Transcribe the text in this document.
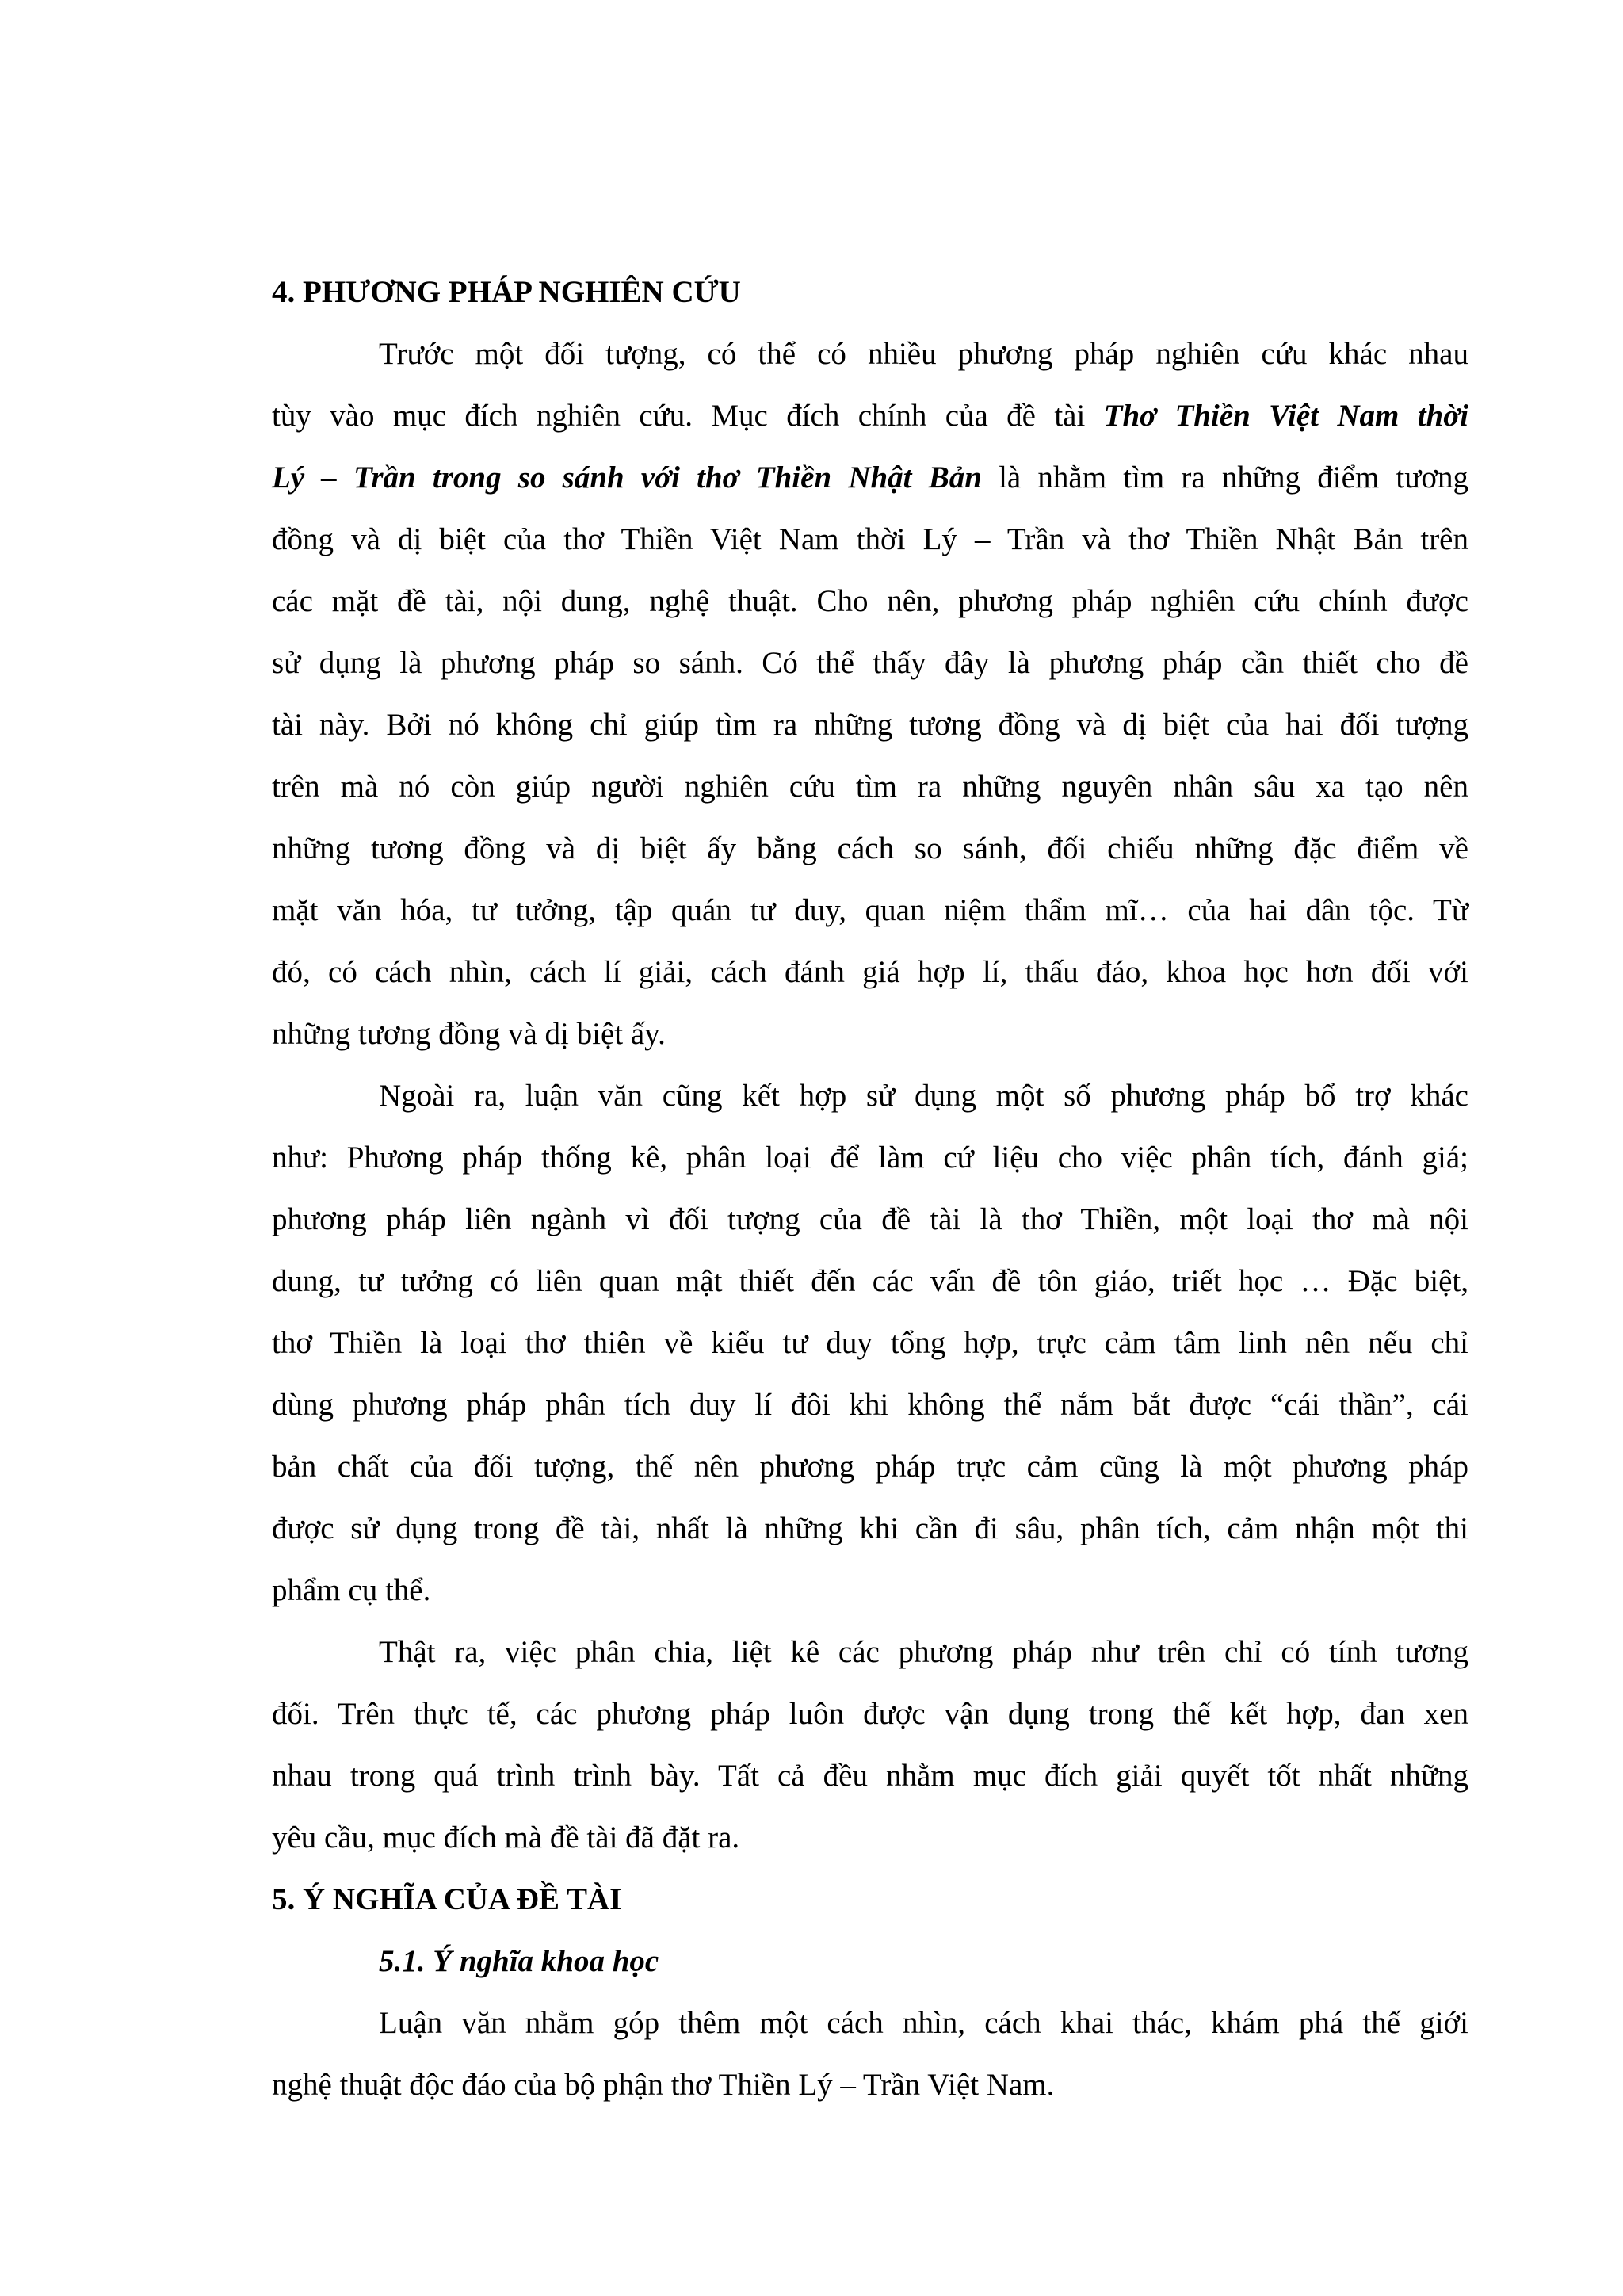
4. PHƯƠNG PHÁP NGHIÊN CỨU

Trước một đối tượng, có thể có nhiều phương pháp nghiên cứu khác nhau
tùy vào mục đích nghiên cứu. Mục đích chính của đề tài Thơ Thiền Việt Nam thời
Lý – Trần trong so sánh với thơ Thiền Nhật Bản là nhằm tìm ra những điểm tương
đồng và dị biệt của thơ Thiền Việt Nam thời Lý – Trần và thơ Thiền Nhật Bản trên
các mặt đề tài, nội dung, nghệ thuật. Cho nên, phương pháp nghiên cứu chính được
sử dụng là phương pháp so sánh. Có thể thấy đây là phương pháp cần thiết cho đề
tài này. Bởi nó không chỉ giúp tìm ra những tương đồng và dị biệt của hai đối tượng
trên mà nó còn giúp người nghiên cứu tìm ra những nguyên nhân sâu xa tạo nên
những tương đồng và dị biệt ấy bằng cách so sánh, đối chiếu những đặc điểm về
mặt văn hóa, tư tưởng, tập quán tư duy, quan niệm thẩm mĩ… của hai dân tộc. Từ
đó, có cách nhìn, cách lí giải, cách đánh giá hợp lí, thấu đáo, khoa học hơn đối với
những tương đồng và dị biệt ấy.

Ngoài ra, luận văn cũng kết hợp sử dụng một số phương pháp bổ trợ khác
như: Phương pháp thống kê, phân loại để làm cứ liệu cho việc phân tích, đánh giá;
phương pháp liên ngành vì đối tượng của đề tài là thơ Thiền, một loại thơ mà nội
dung, tư tưởng có liên quan mật thiết đến các vấn đề tôn giáo, triết học … Đặc biệt,
thơ Thiền là loại thơ thiên về kiểu tư duy tổng hợp, trực cảm tâm linh nên nếu chỉ
dùng phương pháp phân tích duy lí đôi khi không thể nắm bắt được “cái thần”, cái
bản chất của đối tượng, thế nên phương pháp trực cảm cũng là một phương pháp
được sử dụng trong đề tài, nhất là những khi cần đi sâu, phân tích, cảm nhận một thi
phẩm cụ thể.

Thật ra, việc phân chia, liệt kê các phương pháp như trên chỉ có tính tương
đối. Trên thực tế, các phương pháp luôn được vận dụng trong thế kết hợp, đan xen
nhau trong quá trình trình bày. Tất cả đều nhằm mục đích giải quyết tốt nhất những
yêu cầu, mục đích mà đề tài đã đặt ra.

5. Ý NGHĨA CỦA ĐỀ TÀI
5.1. Ý nghĩa khoa học

Luận văn nhằm góp thêm một cách nhìn, cách khai thác, khám phá thế giới
nghệ thuật độc đáo của bộ phận thơ Thiền Lý – Trần Việt Nam.
